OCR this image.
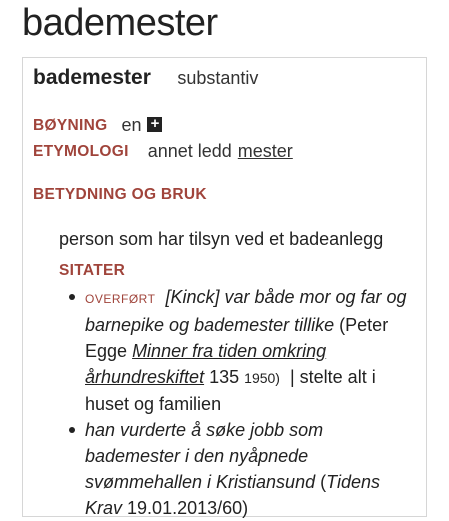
bademester
bademester substantiv
BØYNING en +
ETYMOLOGI annet ledd mester
BETYDNING OG BRUK
person som har tilsyn ved et badeanlegg
SITATER
OVERFØRT [Kinck] var både mor og far og barnepike og bademester tillike (Peter Egge Minner fra tiden omkring århundreskiftet 135 1950) | stelte alt i huset og familien
han vurderte å søke jobb som bademester i den nyåpnede svømmehallen i Kristiansund (Tidens Krav 19.01.2013/60)
